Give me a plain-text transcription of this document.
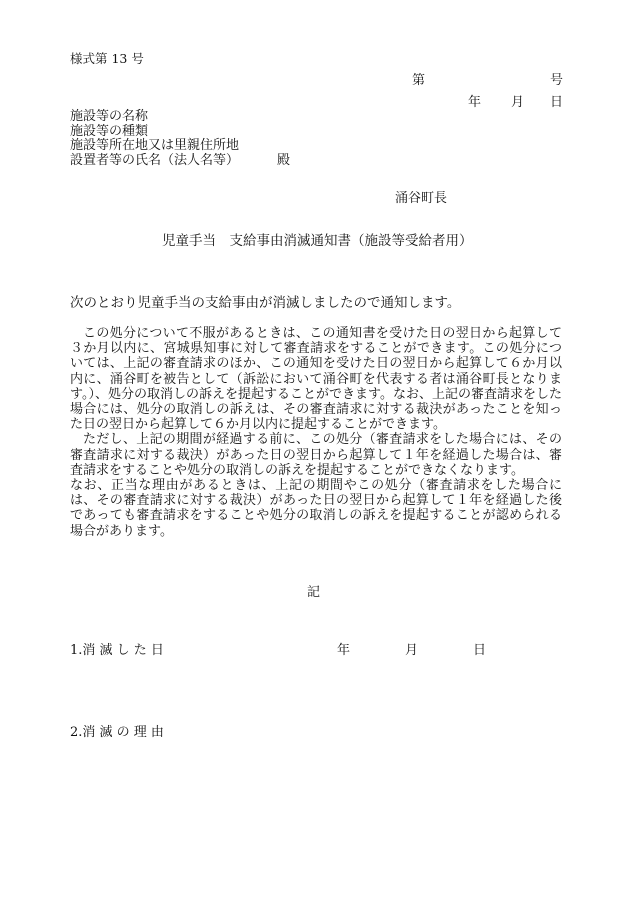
様式第 13 号
第	号
年 月 日
施設等の名称
施設等の種類
施設等所在地又は里親住所地
設置者等の氏名（法人名等）	殿
涌谷町長
児童手当　支給事由消滅通知書（施設等受給者用）
次のとおり児童手当の支給事由が消滅しましたので通知します。

この処分について不服があるときは、この通知書を受けた日の翌日から起算して３か月以内に、宮城県知事に対して審査請求をすることができます。この処分については、上記の審査請求のほか、この通知を受けた日の翌日から起算して６か月以内に、涌谷町を被告として（訴訟において涌谷町を代表する者は涌谷町長となります。）、処分の取消しの訴えを提起することができます。なお、上記の審査請求をした場合には、処分の取消しの訴えは、その審査請求に対する裁決があったことを知った日の翌日から起算して６か月以内に提起することができます。

ただし、上記の期間が経過する前に、この処分（審査請求をした場合には、その審査請求に対する裁決）があった日の翌日から起算して１年を経過した場合は、審査請求をすることや処分の取消しの訴えを提起することができなくなります。

なお、正当な理由があるときは、上記の期間やこの処分（審査請求をした場合には、その審査請求に対する裁決）があった日の翌日から起算して１年を経過した後であっても審査請求をすることや処分の取消しの訴えを提起することが認められる場合があります。

記
1.消 滅 し た 日	年	月	日
2.消 滅 の 理 由
